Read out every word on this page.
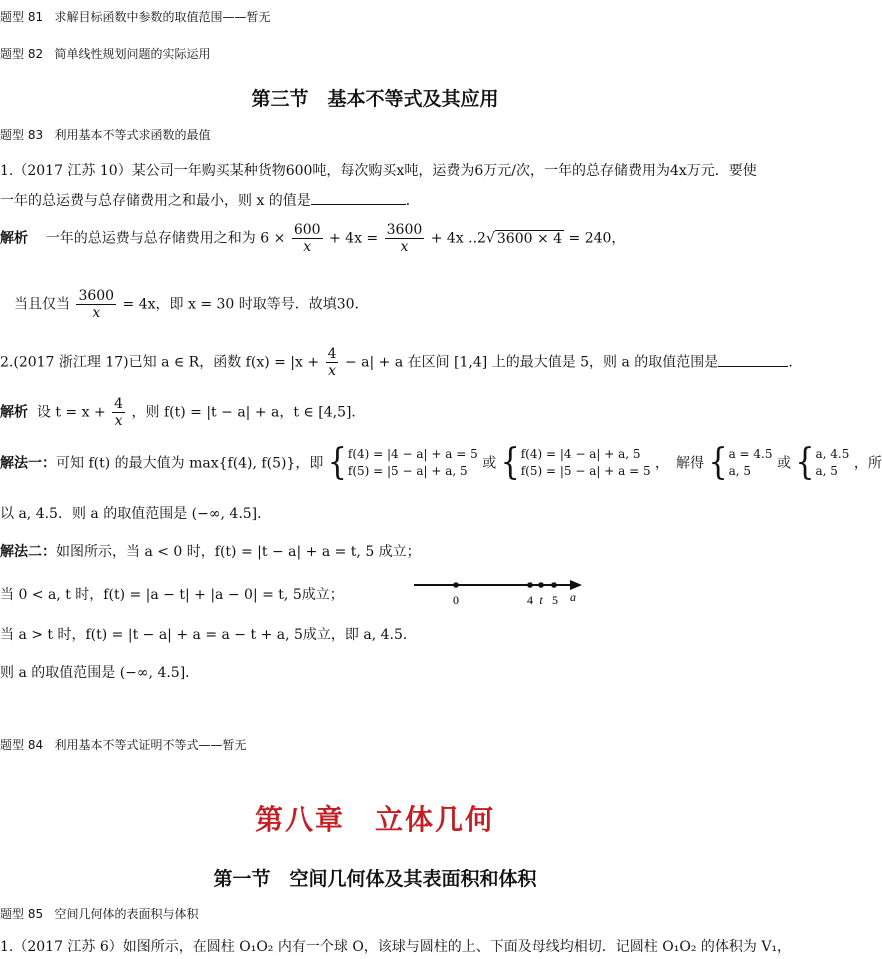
题型 81 求解目标函数中参数的取值范围——暂无
题型 82 简单线性规划问题的实际运用
第三节　基本不等式及其应用
题型 83 利用基本不等式求函数的最值
1.（2017 江苏 10）某公司一年购买某种货物600吨，每次购买x吨，运费为6万元/次，一年的总存储费用为4x万元．要使
一年的总运费与总存储费用之和最小，则 x 的值是	．
解析 一年的总运费与总存储费用之和为 $6 \times \frac{600}{x} + 4x = \frac{3600}{x} + 4x$ ..2√ 3600 × 4 = 240，
当且仅当 $\frac{3600}{x} = 4x$，即 x = 30 时取等号．故填30．
2.(2017 浙江理 17)已知 a ∈ R，函数 $f(x) = |x + \frac{4}{x} - a| + a$ 在区间 [1,4] 上的最大值是 5，则 a 的取值范围是	．
解析 设 $t = x + \frac{4}{x}$ ，则 f(t) = |t − a| + a，t ∈ [4,5]．
解法一：可知 f(t) 的最大值为 max{f(4), f(5)}，即 { f(4) = |4 − a| + a = 5
f(5) = |5 − a| + a, 5	或 { f(4) = |4 − a| + a, 5
f(5) = |5 − a| + a = 5 ，　解得 { a = 4.5
a, 5	或 { a, 4.5
a, 5	，所
以 a, 4.5．则 a 的取值范围是 (−∞, 4.5]．
解法二：如图所示，当 a < 0 时，f(t) = |t − a| + a = t, 5 成立；
当 0 < a, t 时，f(t) = |a − t| + |a − 0| = t, 5成立；
当 a > t 时，f(t) = |t − a| + a = a − t + a, 5成立，即 a, 4.5．
则 a 的取值范围是 (−∞, 4.5]．
0	4 t 5 a
题型 84 利用基本不等式证明不等式——暂无
第八章　立体几何
第一节　空间几何体及其表面积和体积
题型 85 空间几何体的表面积与体积
1.（2017 江苏 6）如图所示，在圆柱 O₁O₂ 内有一个球 O，该球与圆柱的上、下面及母线均相切．记圆柱 O₁O₂ 的体积为 V₁，
